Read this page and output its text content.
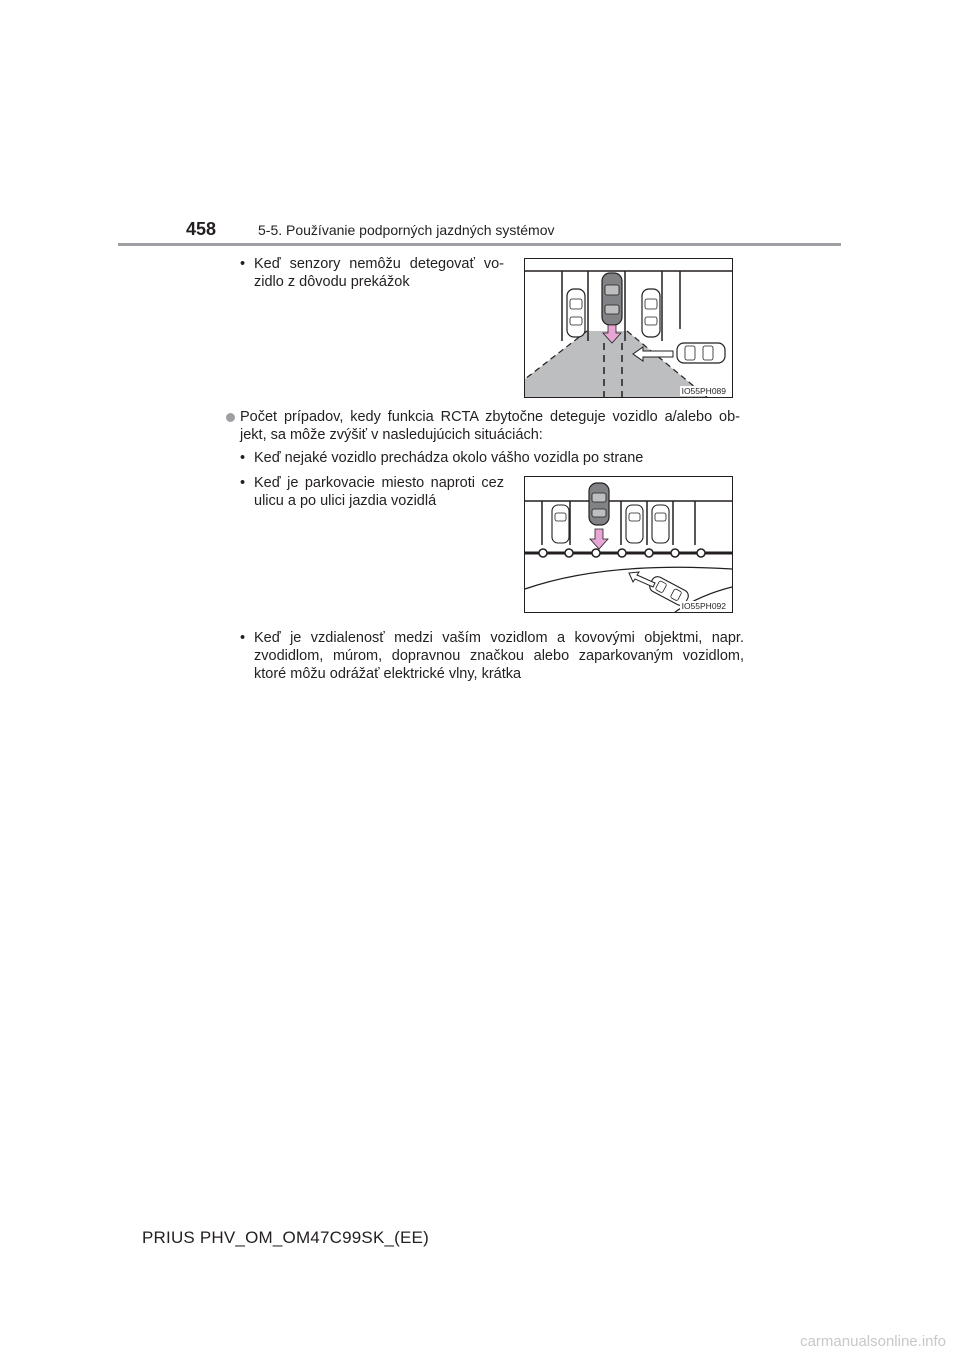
458	5-5. Používanie podporných jazdných systémov
• Keď senzory nemôžu detegovať vo-zidlo z dôvodu prekážok
IO55PH089
Počet prípadov, kedy funkcia RCTA zbytočne deteguje vozidlo a/alebo ob-jekt, sa môže zvýšiť v nasledujúcich situáciách:
• Keď nejaké vozidlo prechádza okolo vášho vozidla po strane
• Keď je parkovacie miesto naproti cez ulicu a po ulici jazdia vozidlá
IO55PH092
• Keď je vzdialenosť medzi vaším vozidlom a kovovými objektmi, napr. zvodidlom, múrom, dopravnou značkou alebo zaparkovaným vozidlom, ktoré môžu odrážať elektrické vlny, krátka
PRIUS PHV_OM_OM47C99SK_(EE)
carmanualsonline.info
